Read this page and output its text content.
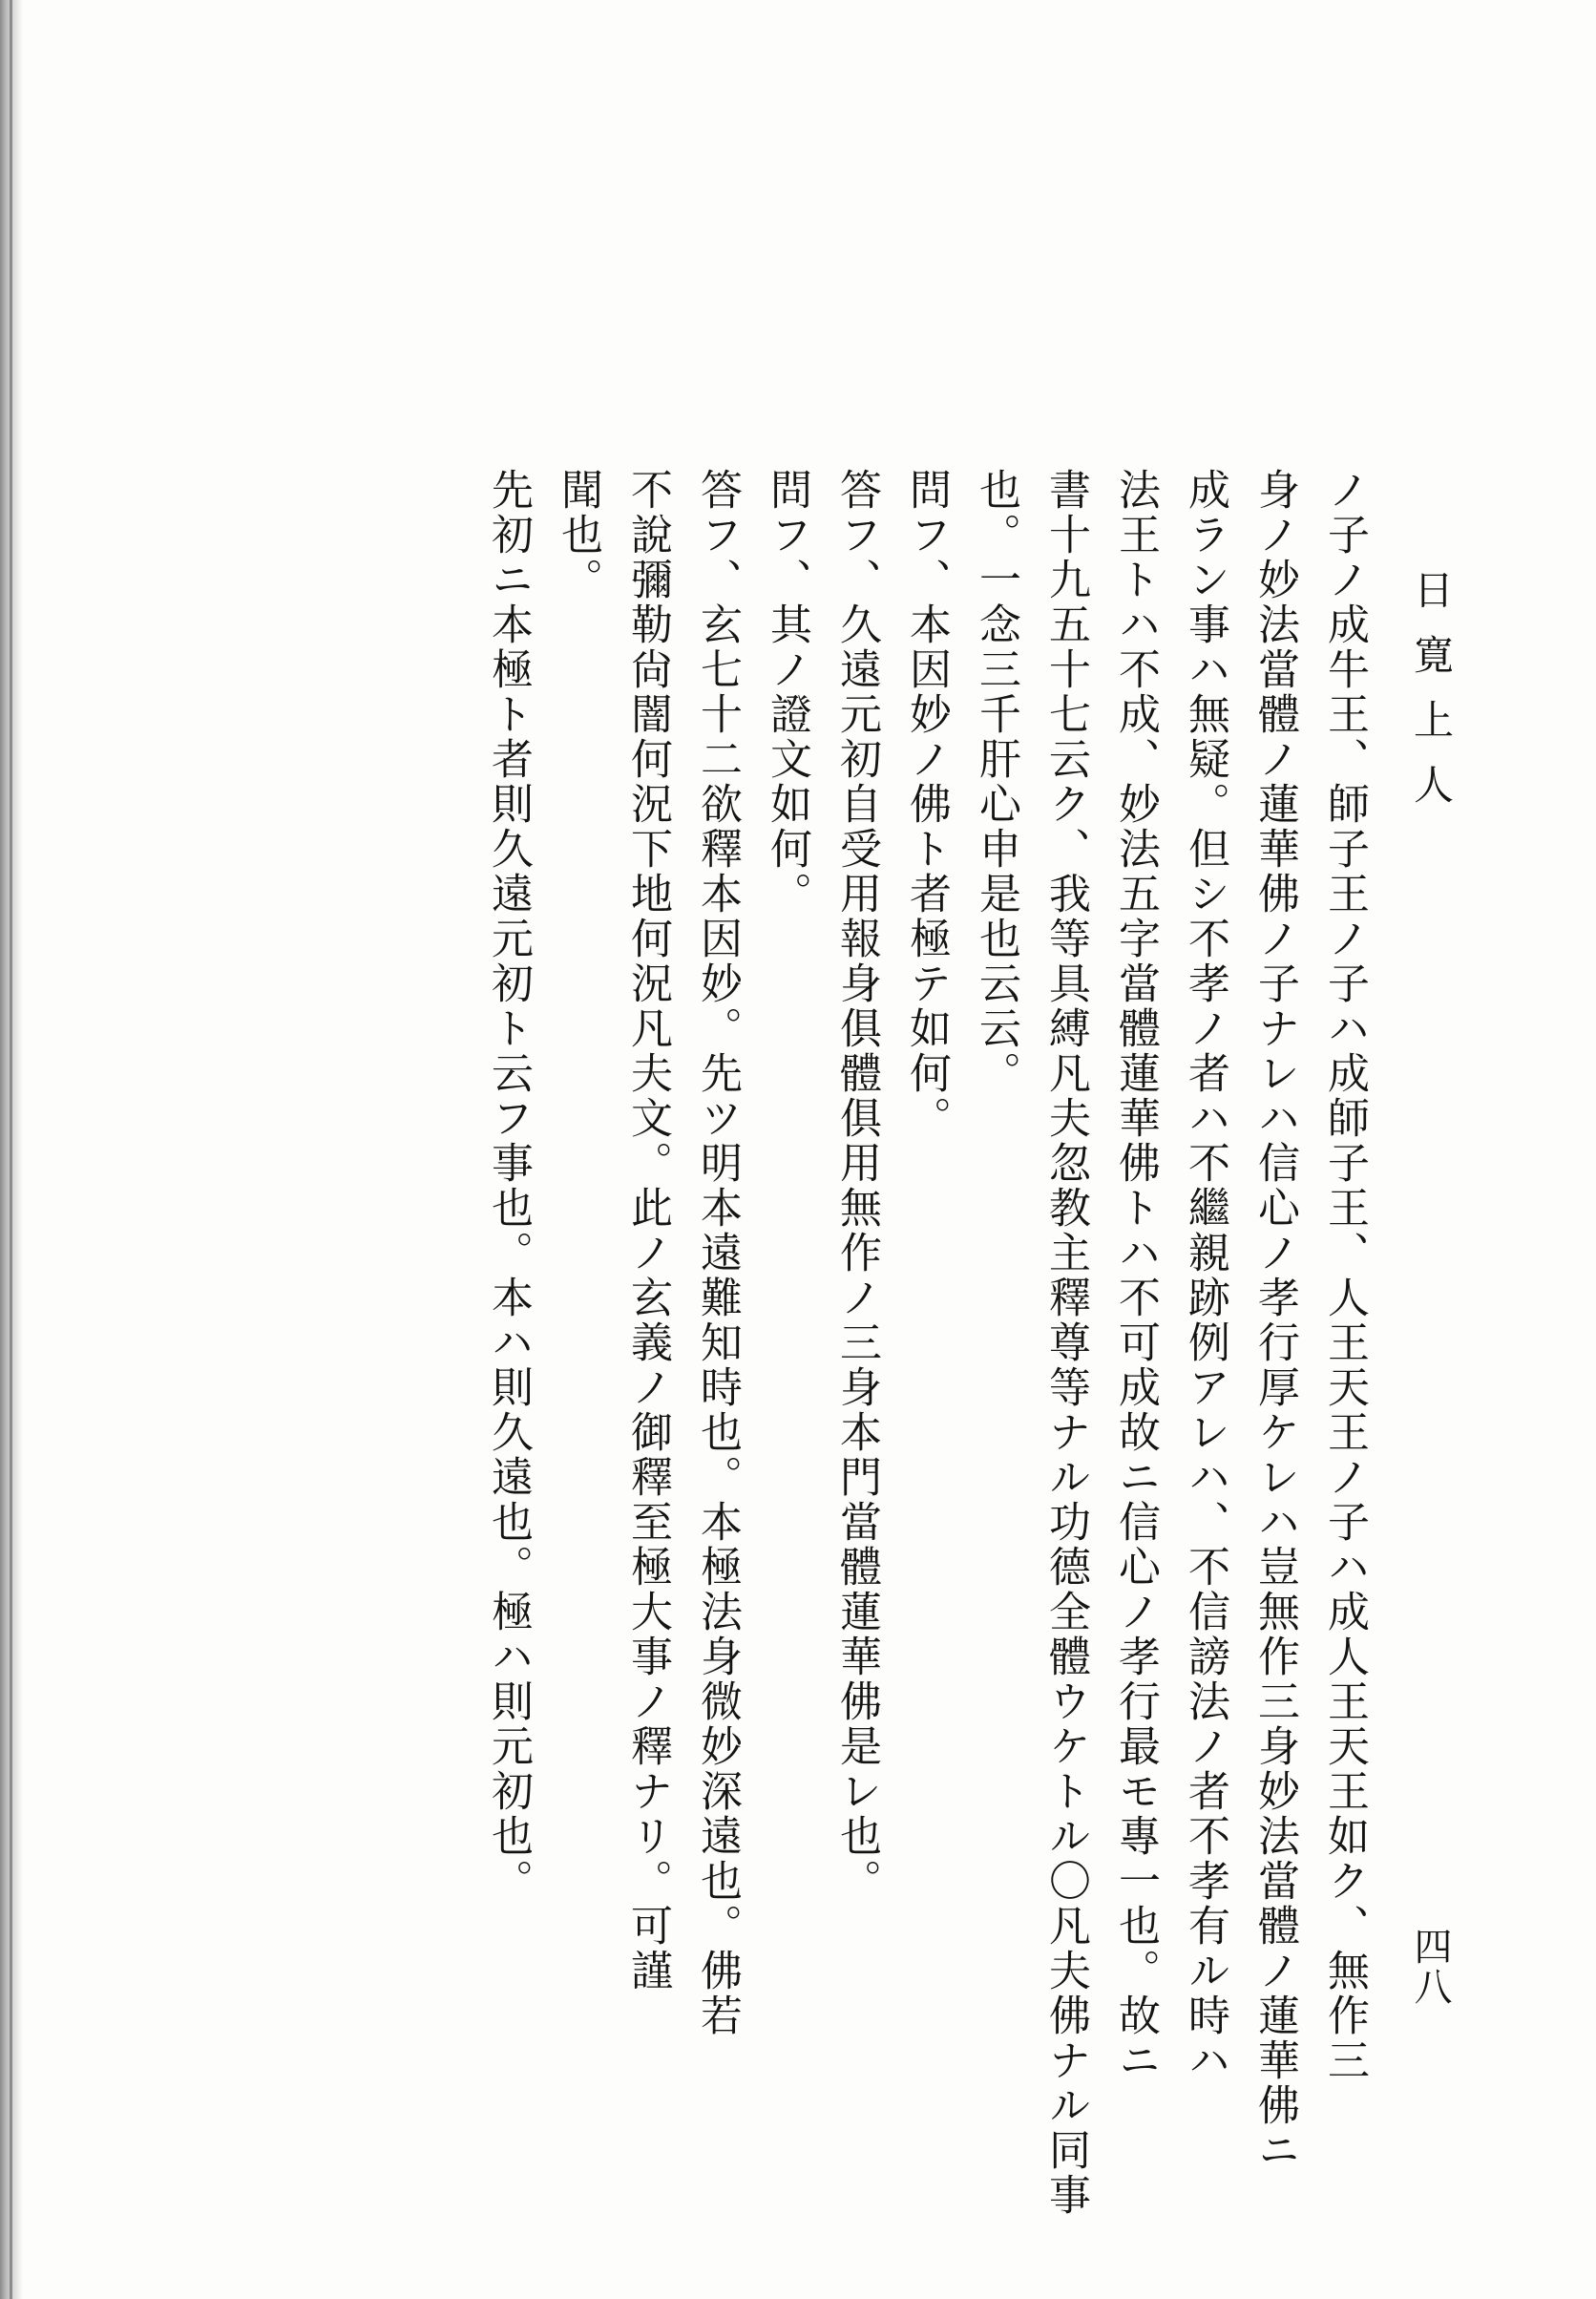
日寛上人
四八
ノ子ノ成牛王、師子王ノ子ハ成師子王、人王天王ノ子ハ成人王天王如ク、無作三
身ノ妙法當體ノ蓮華佛ノ子ナレハ信心ノ孝行厚ケレハ豈無作三身妙法當體ノ蓮華佛ニ
成ラン事ハ無疑。但シ不孝ノ者ハ不繼親跡例アレハ、不信謗法ノ者不孝有ル時ハ
法王トハ不成、妙法五字當體蓮華佛トハ不可成故ニ信心ノ孝行最モ專一也。故ニ
書十九五十七云ク、我等具縛凡夫忽教主釋尊等ナル功德全體ウケトル〇凡夫佛ナル同事
也。一念三千肝心申是也云云。
問フ、本因妙ノ佛ト者極テ如何。
答フ、久遠元初自受用報身俱體俱用無作ノ三身本門當體蓮華佛是レ也。
問フ、其ノ證文如何。
答フ、玄七十二欲釋本因妙。先ツ明本遠難知時也。本極法身微妙深遠也。佛若
不說彌勒尙闇何況下地何況凡夫文。此ノ玄義ノ御釋至極大事ノ釋ナリ。可謹
聞也。
先初ニ本極ト者則久遠元初ト云フ事也。本ハ則久遠也。極ハ則元初也。
